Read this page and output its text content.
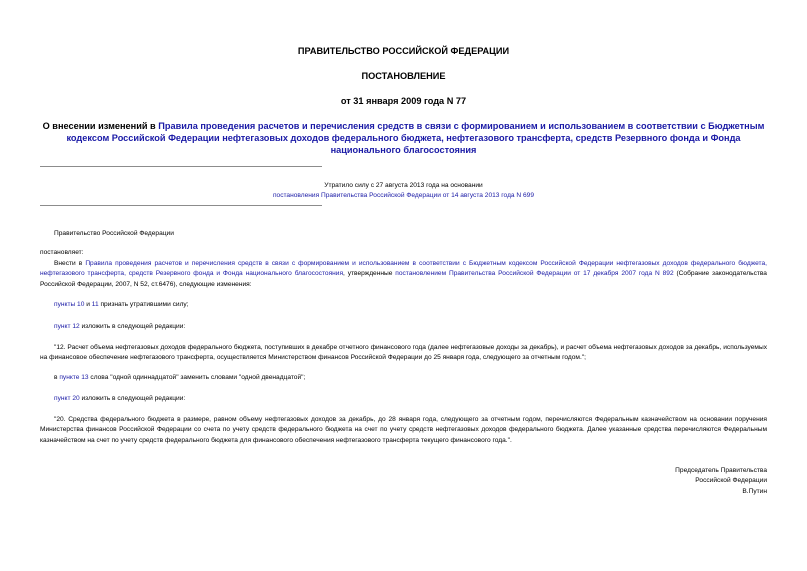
ПРАВИТЕЛЬСТВО РОССИЙСКОЙ ФЕДЕРАЦИИ
ПОСТАНОВЛЕНИЕ
от 31 января 2009 года N 77
О внесении изменений в Правила проведения расчетов и перечисления средств в связи с формированием и использованием в соответствии с Бюджетным кодексом Российской Федерации нефтегазовых доходов федерального бюджета, нефтегазового трансферта, средств Резервного фонда и Фонда национального благосостояния
Утратило силу с 27 августа 2013 года на основании
постановления Правительства Российской Федерации от 14 августа 2013 года N 699
Правительство Российской Федерации
постановляет:
Внести в Правила проведения расчетов и перечисления средств в связи с формированием и использованием в соответствии с Бюджетным кодексом Российской Федерации нефтегазовых доходов федерального бюджета, нефтегазового трансферта, средств Резервного фонда и Фонда национального благосостояния, утвержденные постановлением Правительства Российской Федерации от 17 декабря 2007 года N 892 (Собрание законодательства Российской Федерации, 2007, N 52, ст.6476), следующие изменения:
пункты 10 и 11 признать утратившими силу;
пункт 12 изложить в следующей редакции:
"12. Расчет объема нефтегазовых доходов федерального бюджета, поступивших в декабре отчетного финансового года (далее нефтегазовые доходы за декабрь), и расчет объема нефтегазовых доходов за декабрь, используемых на финансовое обеспечение нефтегазового трансферта, осуществляется Министерством финансов Российской Федерации до 25 января года, следующего за отчетным годом.";
в пункте 13 слова "одной одиннадцатой" заменить словами "одной двенадцатой";
пункт 20 изложить в следующей редакции:
"20. Средства федерального бюджета в размере, равном объему нефтегазовых доходов за декабрь, до 28 января года, следующего за отчетным годом, перечисляются Федеральным казначейством на основании поручения Министерства финансов Российской Федерации со счета по учету средств федерального бюджета на счет по учету средств нефтегазовых доходов федерального бюджета. Далее указанные средства перечисляются Федеральным казначейством на счет по учету средств федерального бюджета для финансового обеспечения нефтегазового трансферта текущего финансового года.".
Председатель Правительства
Российской Федерации
В.Путин
